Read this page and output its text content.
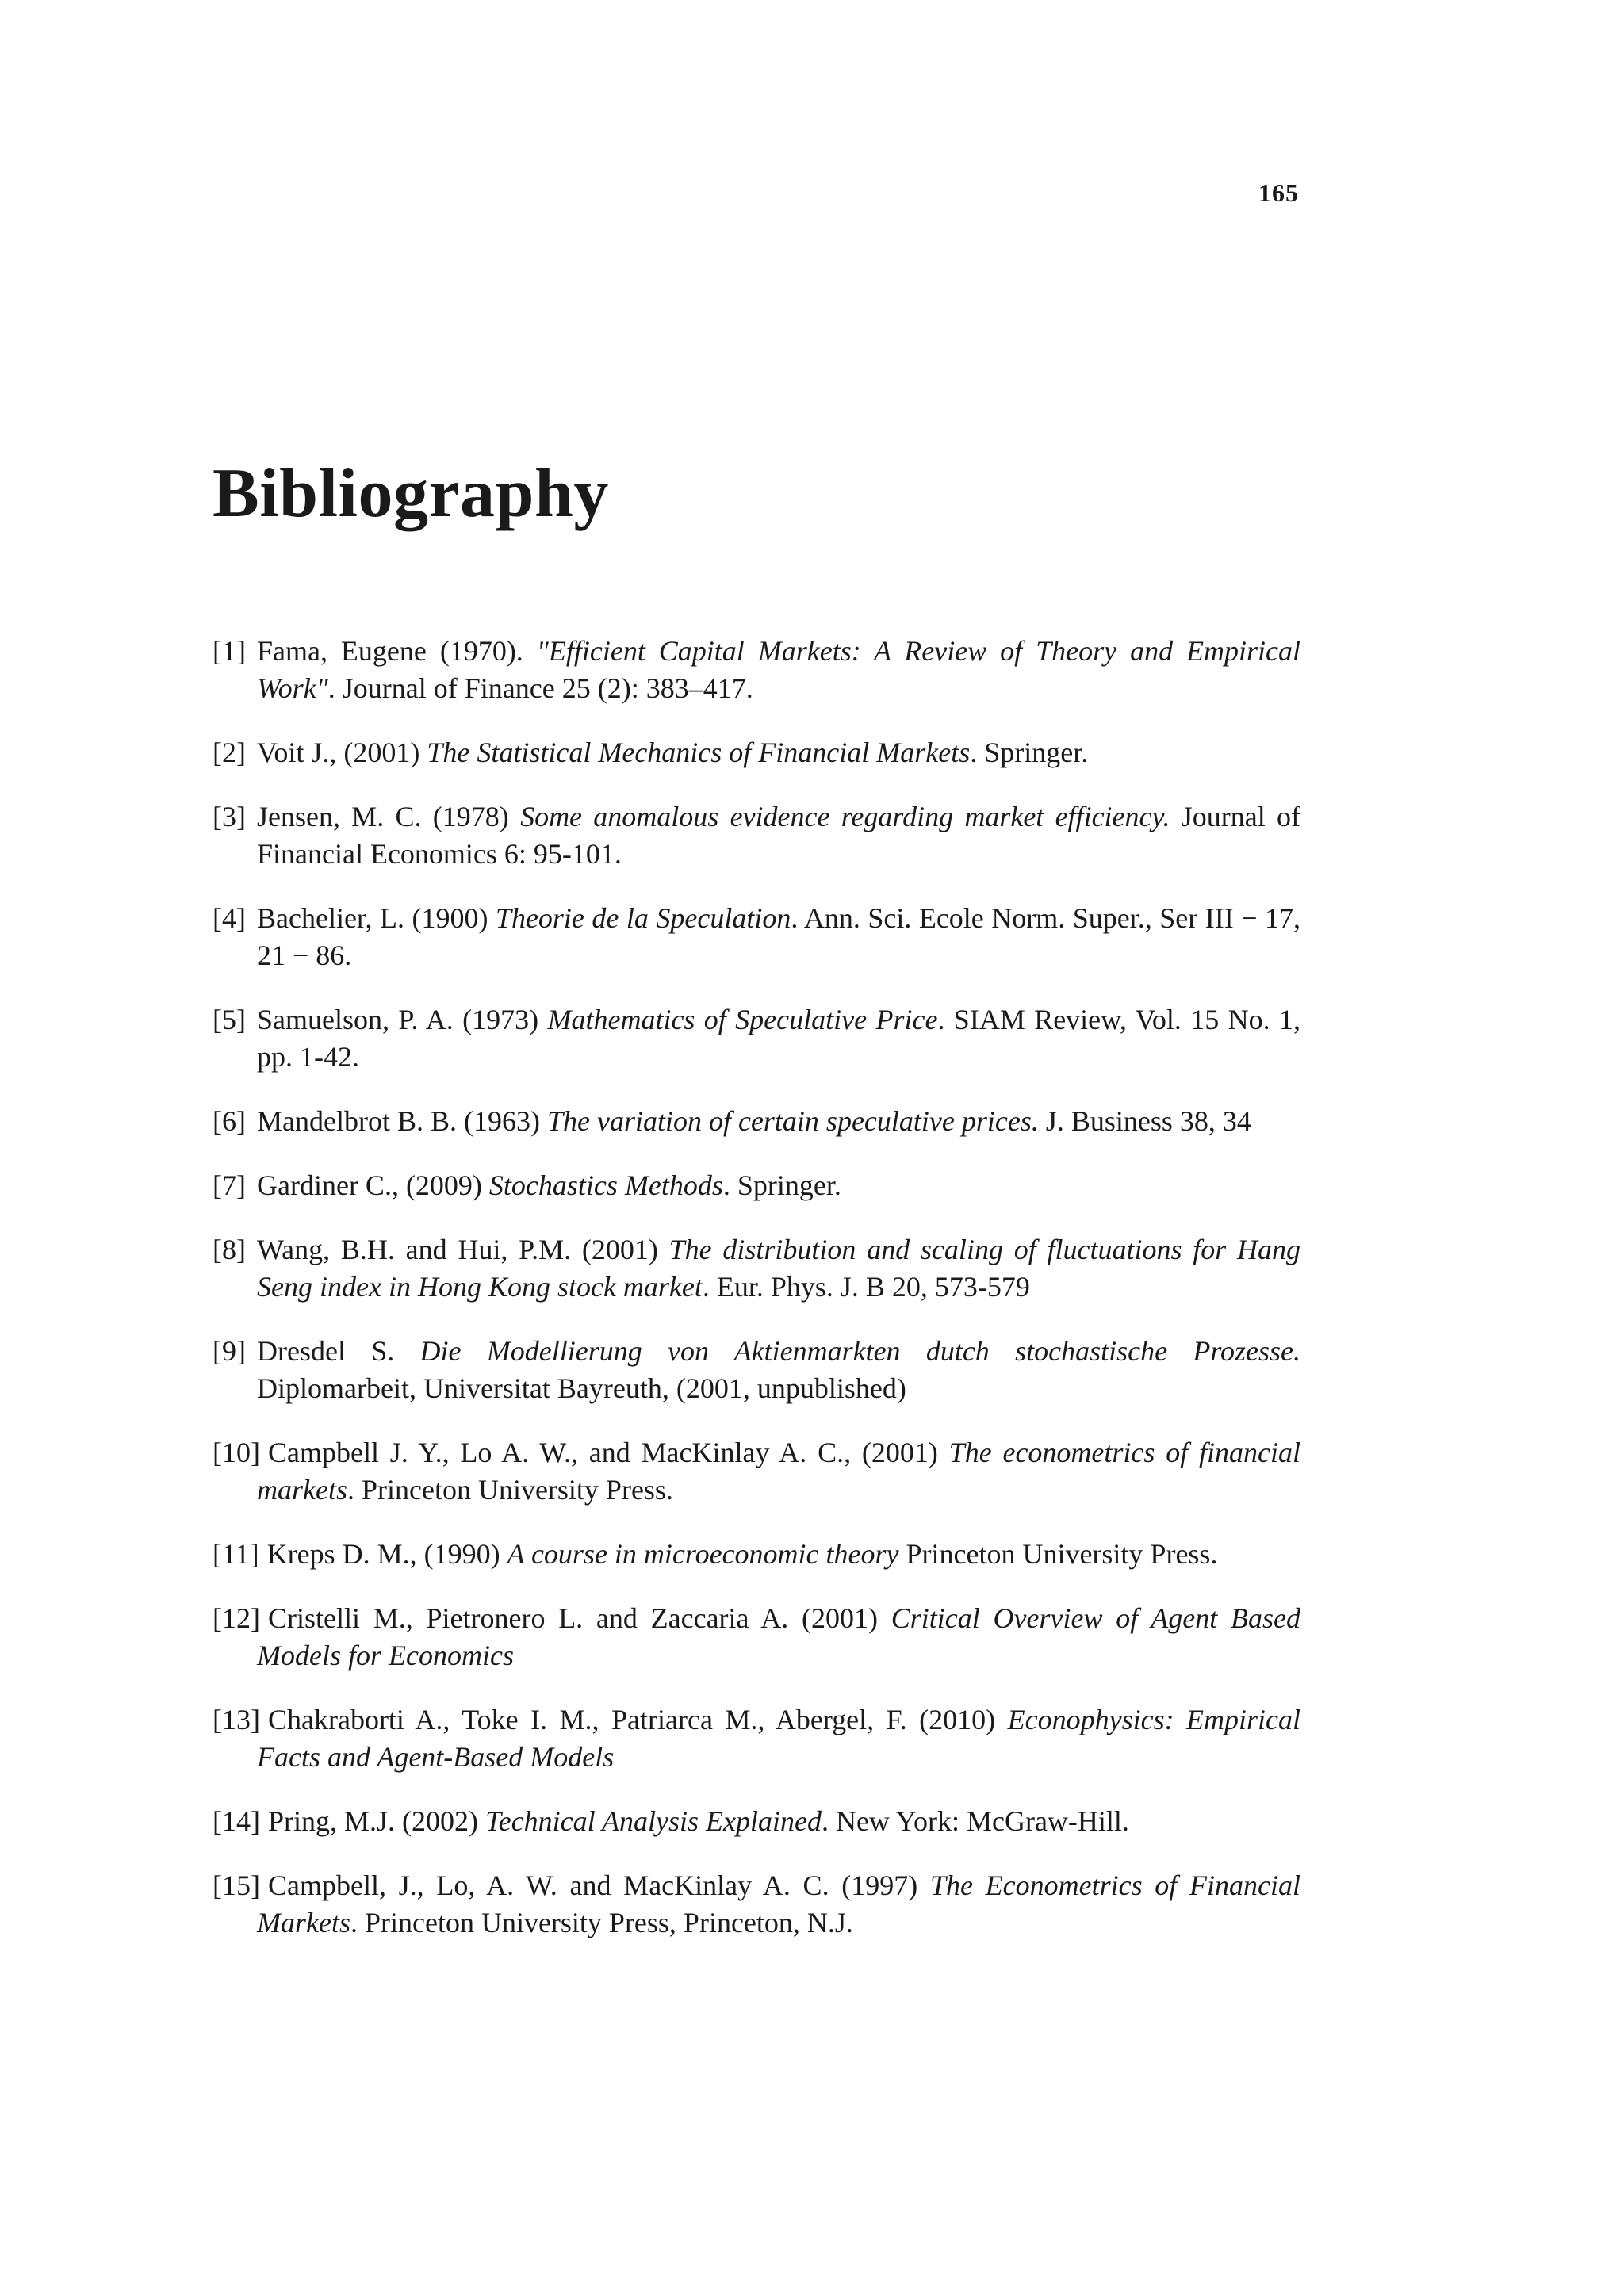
165
Bibliography
[1] Fama, Eugene (1970). "Efficient Capital Markets: A Review of Theory and Empirical Work". Journal of Finance 25 (2): 383–417.
[2] Voit J., (2001) The Statistical Mechanics of Financial Markets. Springer.
[3] Jensen, M. C. (1978) Some anomalous evidence regarding market efficiency. Journal of Financial Economics 6: 95-101.
[4] Bachelier, L. (1900) Theorie de la Speculation. Ann. Sci. Ecole Norm. Super., Ser III − 17, 21 − 86.
[5] Samuelson, P. A. (1973) Mathematics of Speculative Price. SIAM Review, Vol. 15 No. 1, pp. 1-42.
[6] Mandelbrot B. B. (1963) The variation of certain speculative prices. J. Business 38, 34
[7] Gardiner C., (2009) Stochastics Methods. Springer.
[8] Wang, B.H. and Hui, P.M. (2001) The distribution and scaling of fluctuations for Hang Seng index in Hong Kong stock market. Eur. Phys. J. B 20, 573-579
[9] Dresdel S. Die Modellierung von Aktienmarkten dutch stochastische Prozesse. Diplomarbeit, Universitat Bayreuth, (2001, unpublished)
[10] Campbell J. Y., Lo A. W., and MacKinlay A. C., (2001) The econometrics of financial markets. Princeton University Press.
[11] Kreps D. M., (1990) A course in microeconomic theory Princeton University Press.
[12] Cristelli M., Pietronero L. and Zaccaria A. (2001) Critical Overview of Agent Based Models for Economics
[13] Chakraborti A., Toke I. M., Patriarca M., Abergel, F. (2010) Econophysics: Empirical Facts and Agent-Based Models
[14] Pring, M.J. (2002) Technical Analysis Explained. New York: McGraw-Hill.
[15] Campbell, J., Lo, A. W. and MacKinlay A. C. (1997) The Econometrics of Financial Markets. Princeton University Press, Princeton, N.J.
